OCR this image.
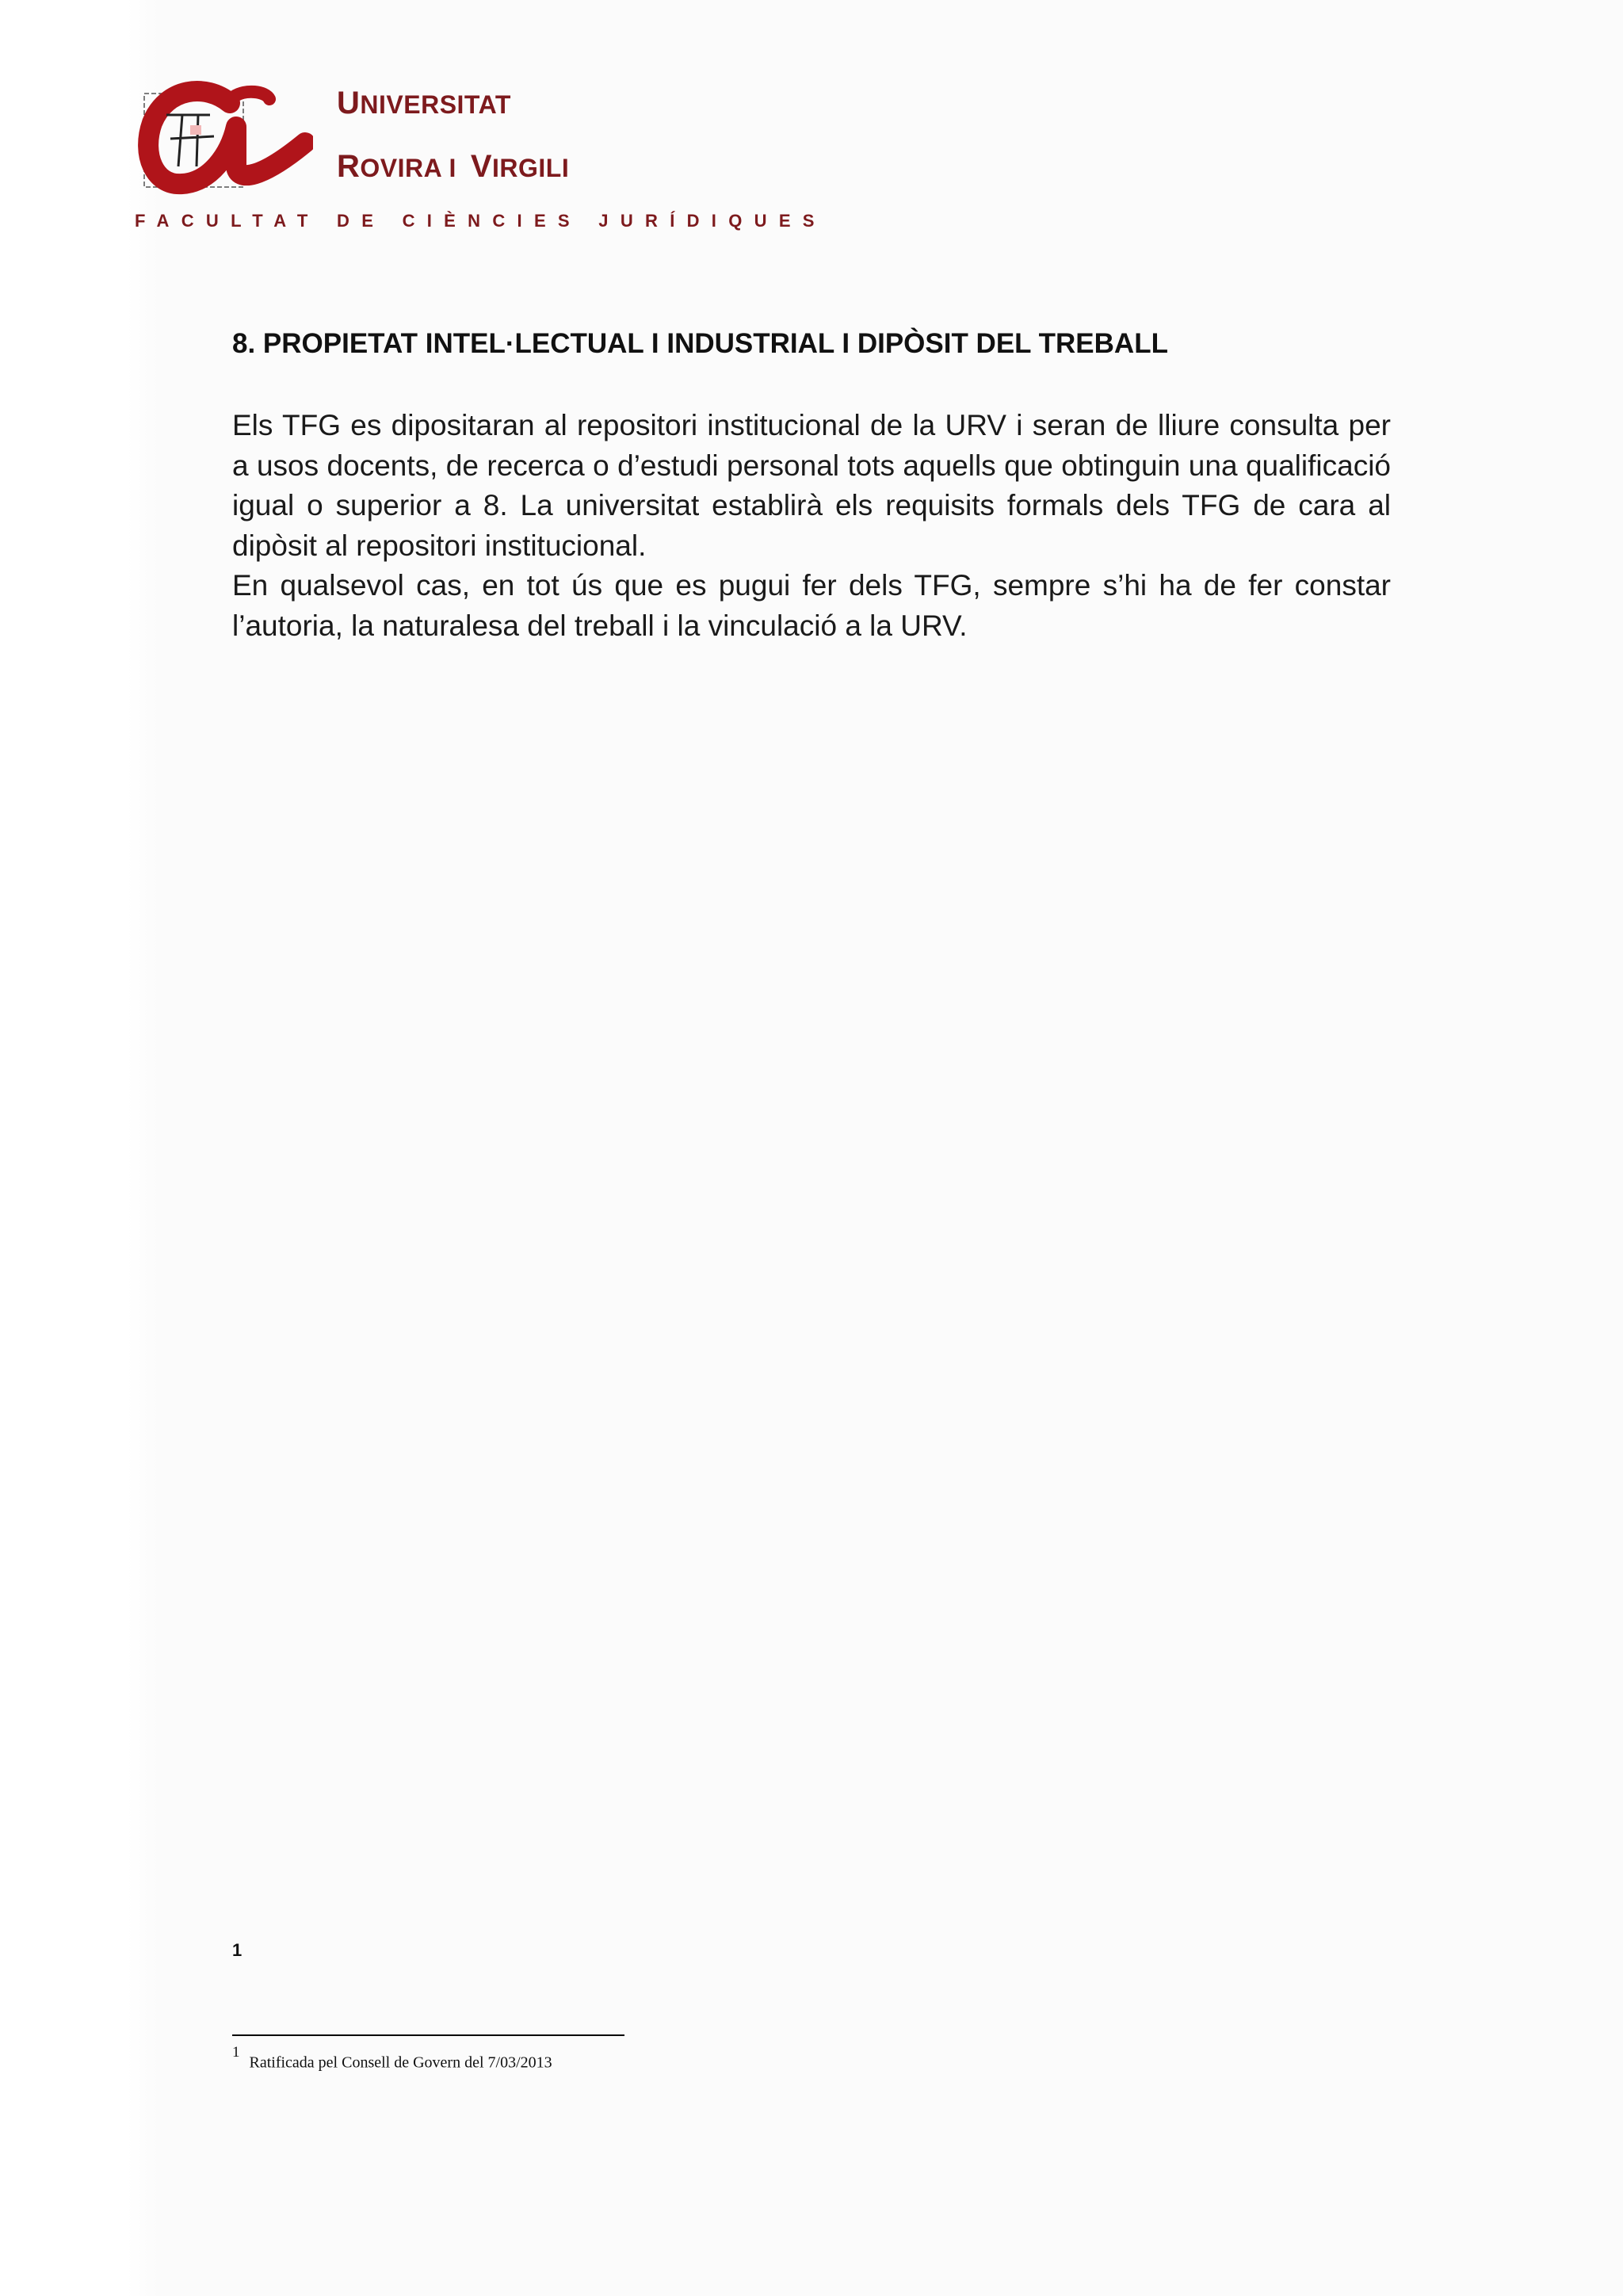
UNIVERSITAT

ROVIRA I VIRGILI

FACULTAT DE CIÈNCIES JURÍDIQUES
8. PROPIETAT INTEL·LECTUAL I INDUSTRIAL I DIPÒSIT DEL TREBALL

Els TFG es dipositaran al repositori institucional de la URV i seran de lliure consulta per a usos docents, de recerca o d’estudi personal tots aquells que obtinguin una qualificació igual o superior a 8. La universitat establirà els requisits formals dels TFG de cara al dipòsit al repositori institucional.

En qualsevol cas, en tot ús que es pugui fer dels TFG, sempre s’hi ha de fer constar l’autoria, la naturalesa del treball i la vinculació a la URV.

1
$^1$Ratificada pel Consell de Govern del 7/03/2013
